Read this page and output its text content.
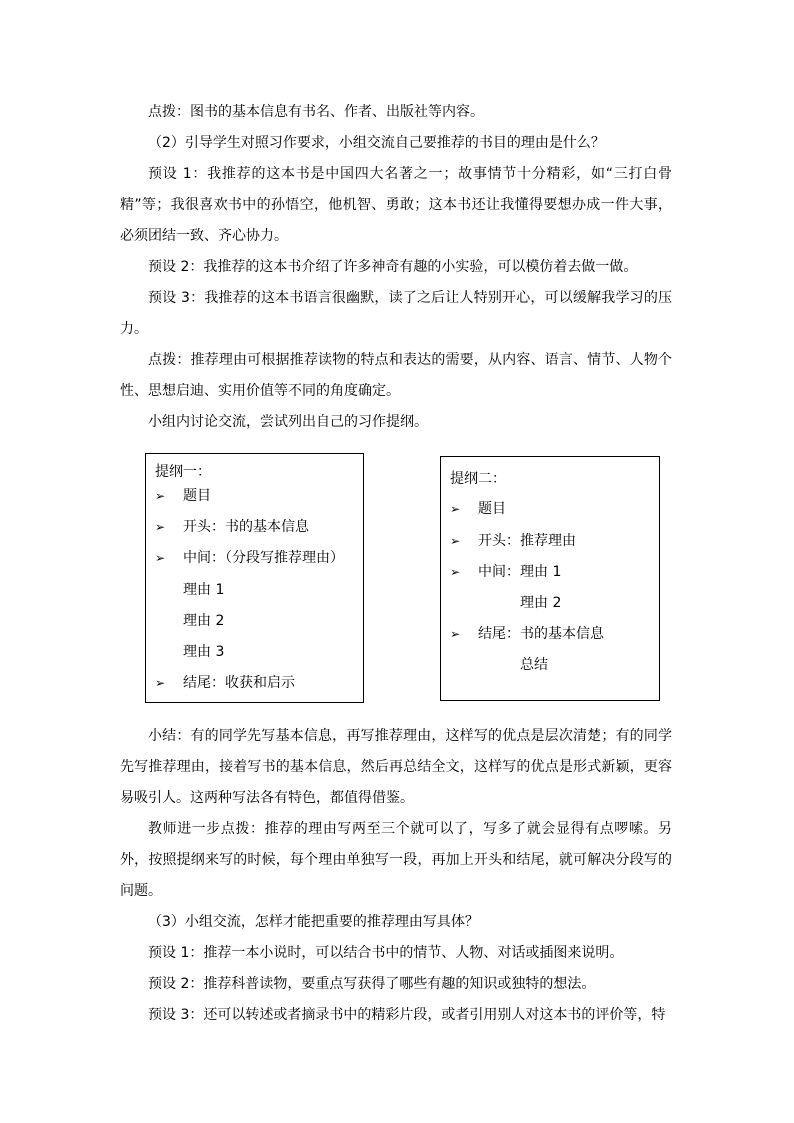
点拨：图书的基本信息有书名、作者、出版社等内容。

（2）引导学生对照习作要求，小组交流自己要推荐的书目的理由是什么？

预设 1：我推荐的这本书是中国四大名著之一；故事情节十分精彩，如“三打白骨精”等；我很喜欢书中的孙悟空，他机智、勇敢；这本书还让我懂得要想办成一件大事，必须团结一致、齐心协力。

预设 2：我推荐的这本书介绍了许多神奇有趣的小实验，可以模仿着去做一做。

预设 3：我推荐的这本书语言很幽默，读了之后让人特别开心，可以缓解我学习的压力。

点拨：推荐理由可根据推荐读物的特点和表达的需要，从内容、语言、情节、人物个性、思想启迪、实用价值等不同的角度确定。

小组内讨论交流，尝试列出自己的习作提纲。

提纲一：
➢ 题目
➢ 开头：书的基本信息
➢ 中间：（分段写推荐理由）
理由 1
理由 2
理由 3
➢ 结尾：收获和启示
提纲二：
➢ 题目
➢ 开头：推荐理由
➢ 中间：理由 1
理由 2
➢ 结尾：书的基本信息
总结

小结：有的同学先写基本信息，再写推荐理由，这样写的优点是层次清楚；有的同学先写推荐理由，接着写书的基本信息，然后再总结全文，这样写的优点是形式新颖，更容易吸引人。这两种写法各有特色，都值得借鉴。

教师进一步点拨：推荐的理由写两至三个就可以了，写多了就会显得有点啰嗦。另外，按照提纲来写的时候，每个理由单独写一段，再加上开头和结尾，就可解决分段写的问题。

（3）小组交流，怎样才能把重要的推荐理由写具体？

预设 1：推荐一本小说时，可以结合书中的情节、人物、对话或插图来说明。

预设 2：推荐科普读物，要重点写获得了哪些有趣的知识或独特的想法。

预设 3：还可以转述或者摘录书中的精彩片段，或者引用别人对这本书的评价等，特
